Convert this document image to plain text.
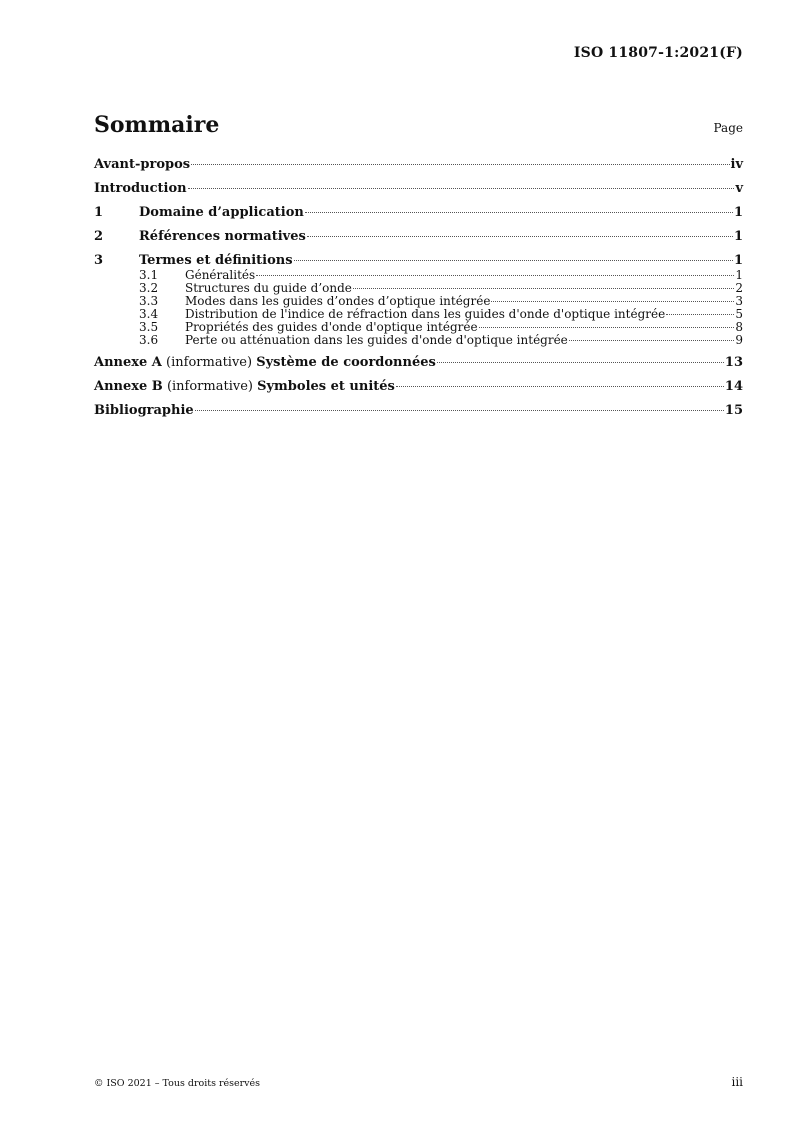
ISO 11807-1:2021(F)
Sommaire	Page
Avant-propos	iv
Introduction	v
1	Domaine d’application	1
2	Références normatives	1
3	Termes et définitions	1
3.1	Généralités	1
3.2	Structures du guide d’onde	2
3.3	Modes dans les guides d’ondes d’optique intégrée	3
3.4	Distribution de l'indice de réfraction dans les guides d'onde d'optique intégrée	5
3.5	Propriétés des guides d'onde d'optique intégrée	8
3.6	Perte ou atténuation dans les guides d'onde d'optique intégrée	9
Annexe A (informative) Système de coordonnées	13
Annexe B (informative) Symboles et unités	14
Bibliographie	15
© ISO 2021 – Tous droits réservés	iii
